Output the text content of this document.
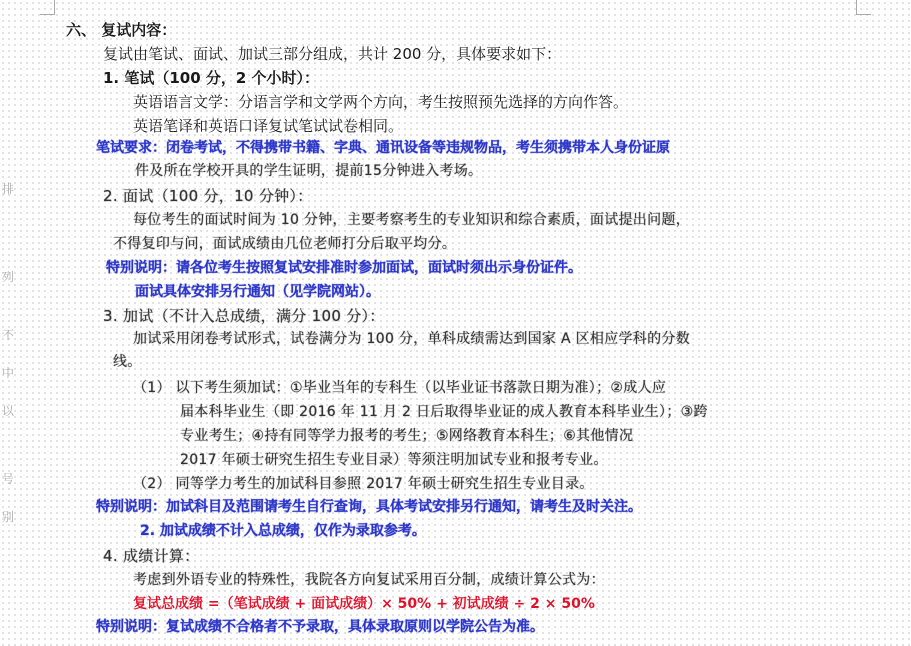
排
列
不
中
以
号
别
六、 复试内容：
复试由笔试、面试、加试三部分组成，共计 200 分，具体要求如下：
1. 笔试（100 分，2 个小时）：
英语语言文学：分语言学和文学两个方向，考生按照预先选择的方向作答。
英语笔译和英语口译复试笔试试卷相同。
笔试要求：闭卷考试，不得携带书籍、字典、通讯设备等违规物品，考生须携带本人身份证原
件及所在学校开具的学生证明，提前15分钟进入考场。
2. 面试（100 分，10 分钟）：
每位考生的面试时间为 10 分钟，主要考察考生的专业知识和综合素质，面试提出问题，
不得复印与问，面试成绩由几位老师打分后取平均分。
特别说明：请各位考生按照复试安排准时参加面试，面试时须出示身份证件。
面试具体安排另行通知（见学院网站）。
3. 加试（不计入总成绩，满分 100 分）：
加试采用闭卷考试形式，试卷满分为 100 分，单科成绩需达到国家 A 区相应学科的分数
线。
（1） 以下考生须加试：①毕业当年的专科生（以毕业证书落款日期为准）；②成人应
届本科毕业生（即 2016 年 11 月 2 日后取得毕业证的成人教育本科毕业生）；③跨
专业考生；④持有同等学力报考的考生；⑤网络教育本科生；⑥其他情况
2017 年硕士研究生招生专业目录）等须注明加试专业和报考专业。
（2） 同等学力考生的加试科目参照 2017 年硕士研究生招生专业目录。
特别说明：加试科目及范围请考生自行查询，具体考试安排另行通知，请考生及时关注。
2. 加试成绩不计入总成绩，仅作为录取参考。
4. 成绩计算：
考虑到外语专业的特殊性，我院各方向复试采用百分制，成绩计算公式为：
复试总成绩 =（笔试成绩 + 面试成绩）× 50% + 初试成绩 ÷ 2 × 50%
特别说明：复试成绩不合格者不予录取，具体录取原则以学院公告为准。
